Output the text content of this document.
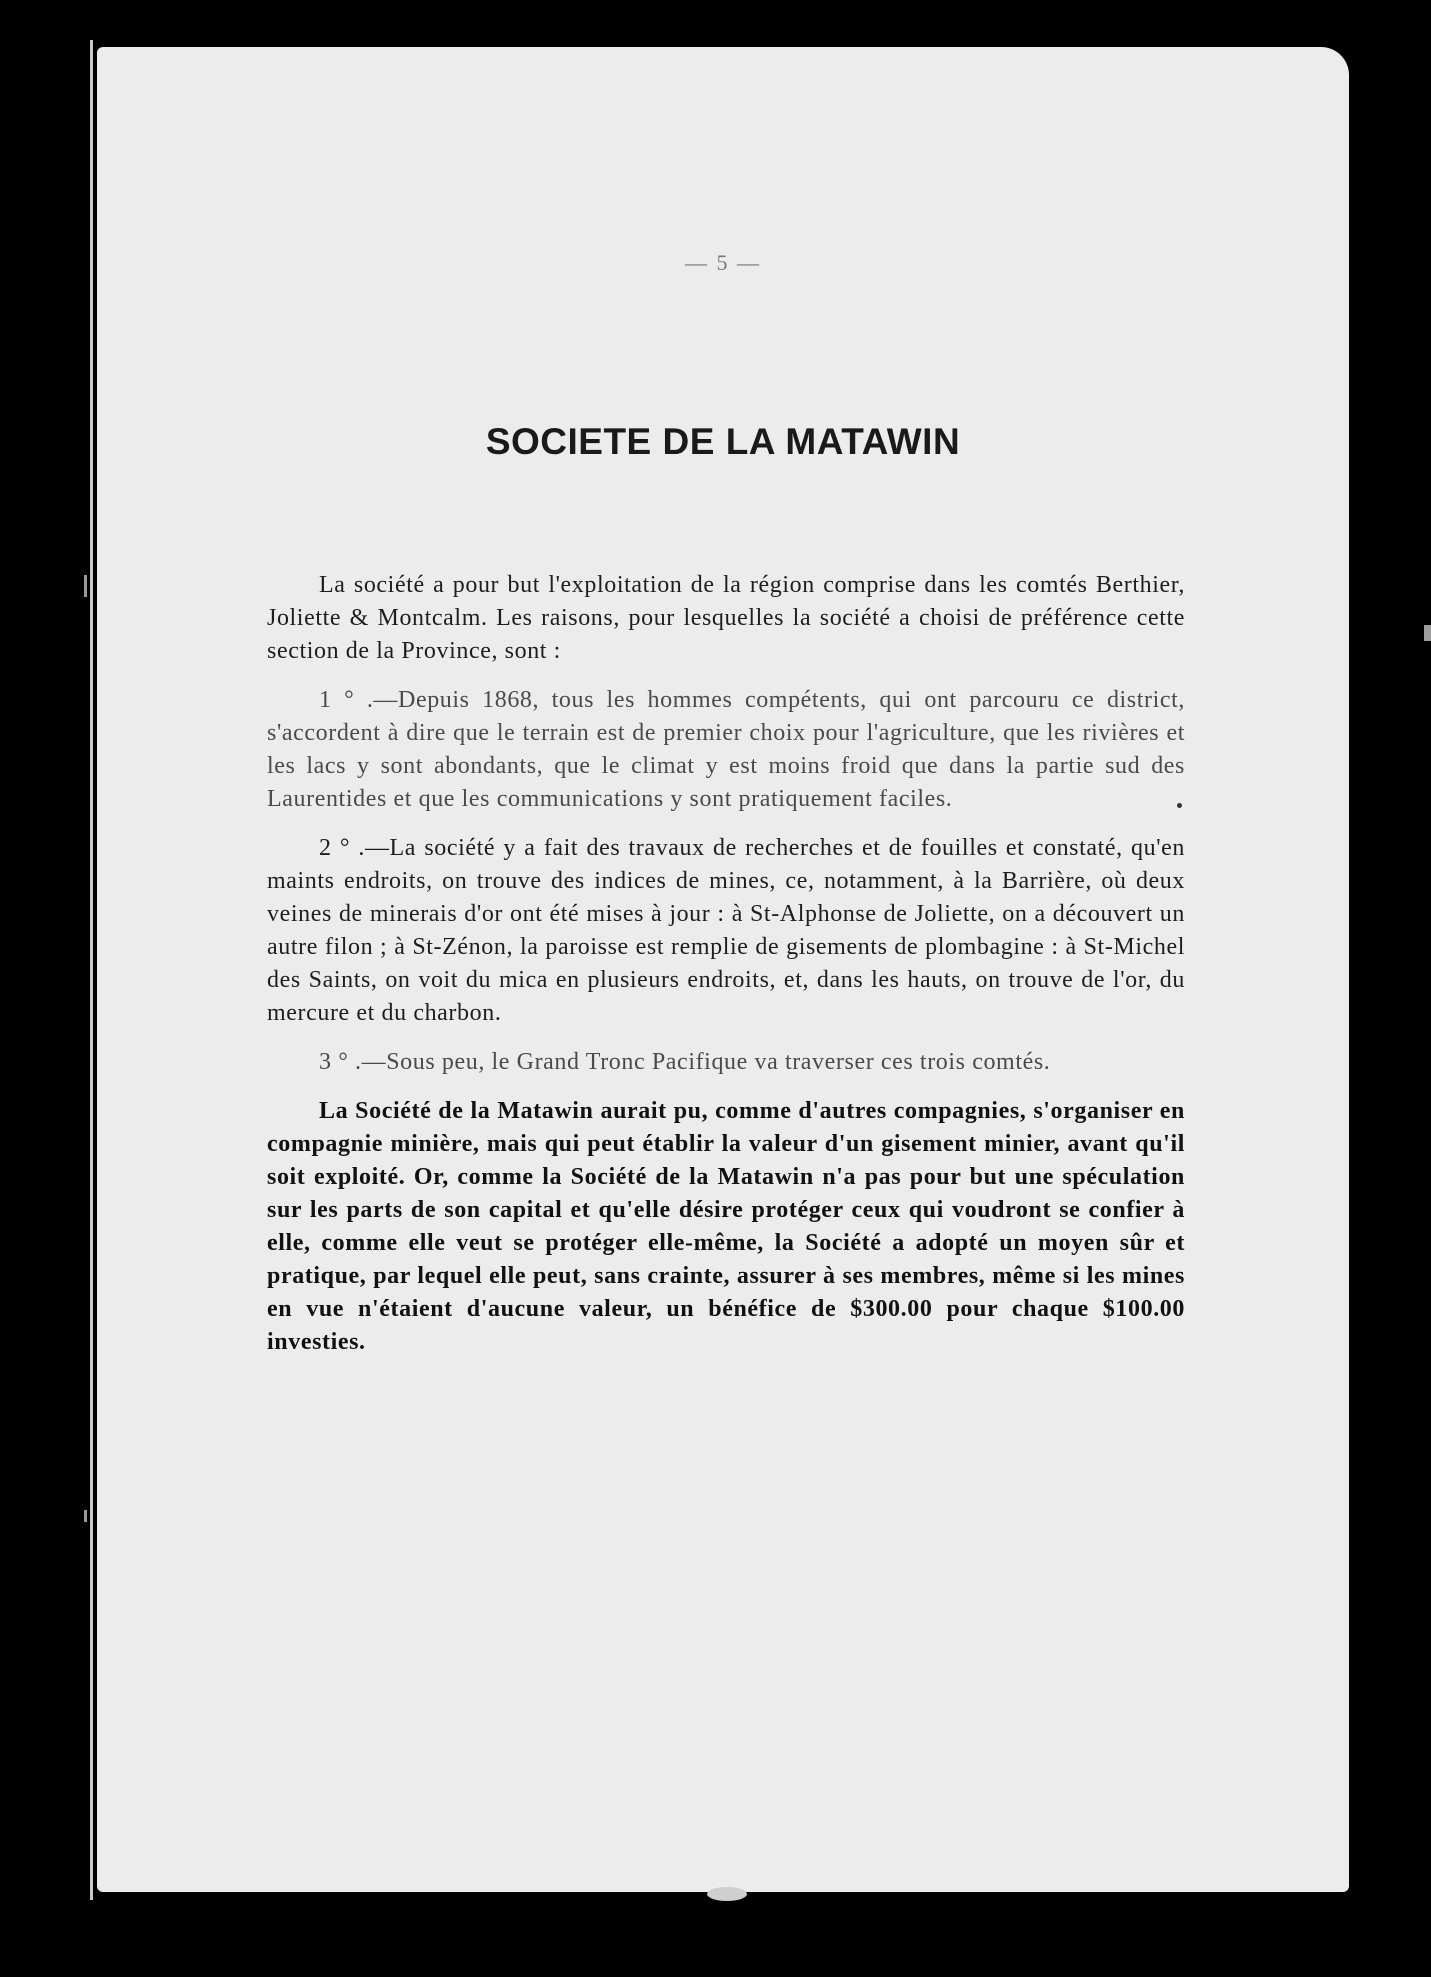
— 5 —
SOCIETE DE LA MATAWIN

La société a pour but l'exploitation de la région comprise dans les comtés Berthier, Joliette & Montcalm. Les raisons, pour lesquelles la société a choisi de préférence cette section de la Province, sont :

1 ° .—Depuis 1868, tous les hommes compétents, qui ont parcouru ce district, s'accordent à dire que le terrain est de premier choix pour l'agriculture, que les rivières et les lacs y sont abondants, que le climat y est moins froid que dans la partie sud des Laurentides et que les communications y sont pratiquement faciles.

2 ° .—La société y a fait des travaux de recherches et de fouilles et constaté, qu'en maints endroits, on trouve des indices de mines, ce, notamment, à la Barrière, où deux veines de minerais d'or ont été mises à jour : à St-Alphonse de Joliette, on a découvert un autre filon ; à St-Zénon, la paroisse est remplie de gisements de plombagine : à St-Michel des Saints, on voit du mica en plusieurs endroits, et, dans les hauts, on trouve de l'or, du mercure et du charbon.

3 ° .—Sous peu, le Grand Tronc Pacifique va traverser ces trois comtés.

La Société de la Matawin aurait pu, comme d'autres compagnies, s'organiser en compagnie minière, mais qui peut établir la valeur d'un gisement minier, avant qu'il soit exploité. Or, comme la Société de la Matawin n'a pas pour but une spéculation sur les parts de son capital et qu'elle désire protéger ceux qui voudront se confier à elle, comme elle veut se protéger elle-même, la Société a adopté un moyen sûr et pratique, par lequel elle peut, sans crainte, assurer à ses membres, même si les mines en vue n'étaient d'aucune valeur, un bénéfice de $300.00 pour chaque $100.00 investies.
